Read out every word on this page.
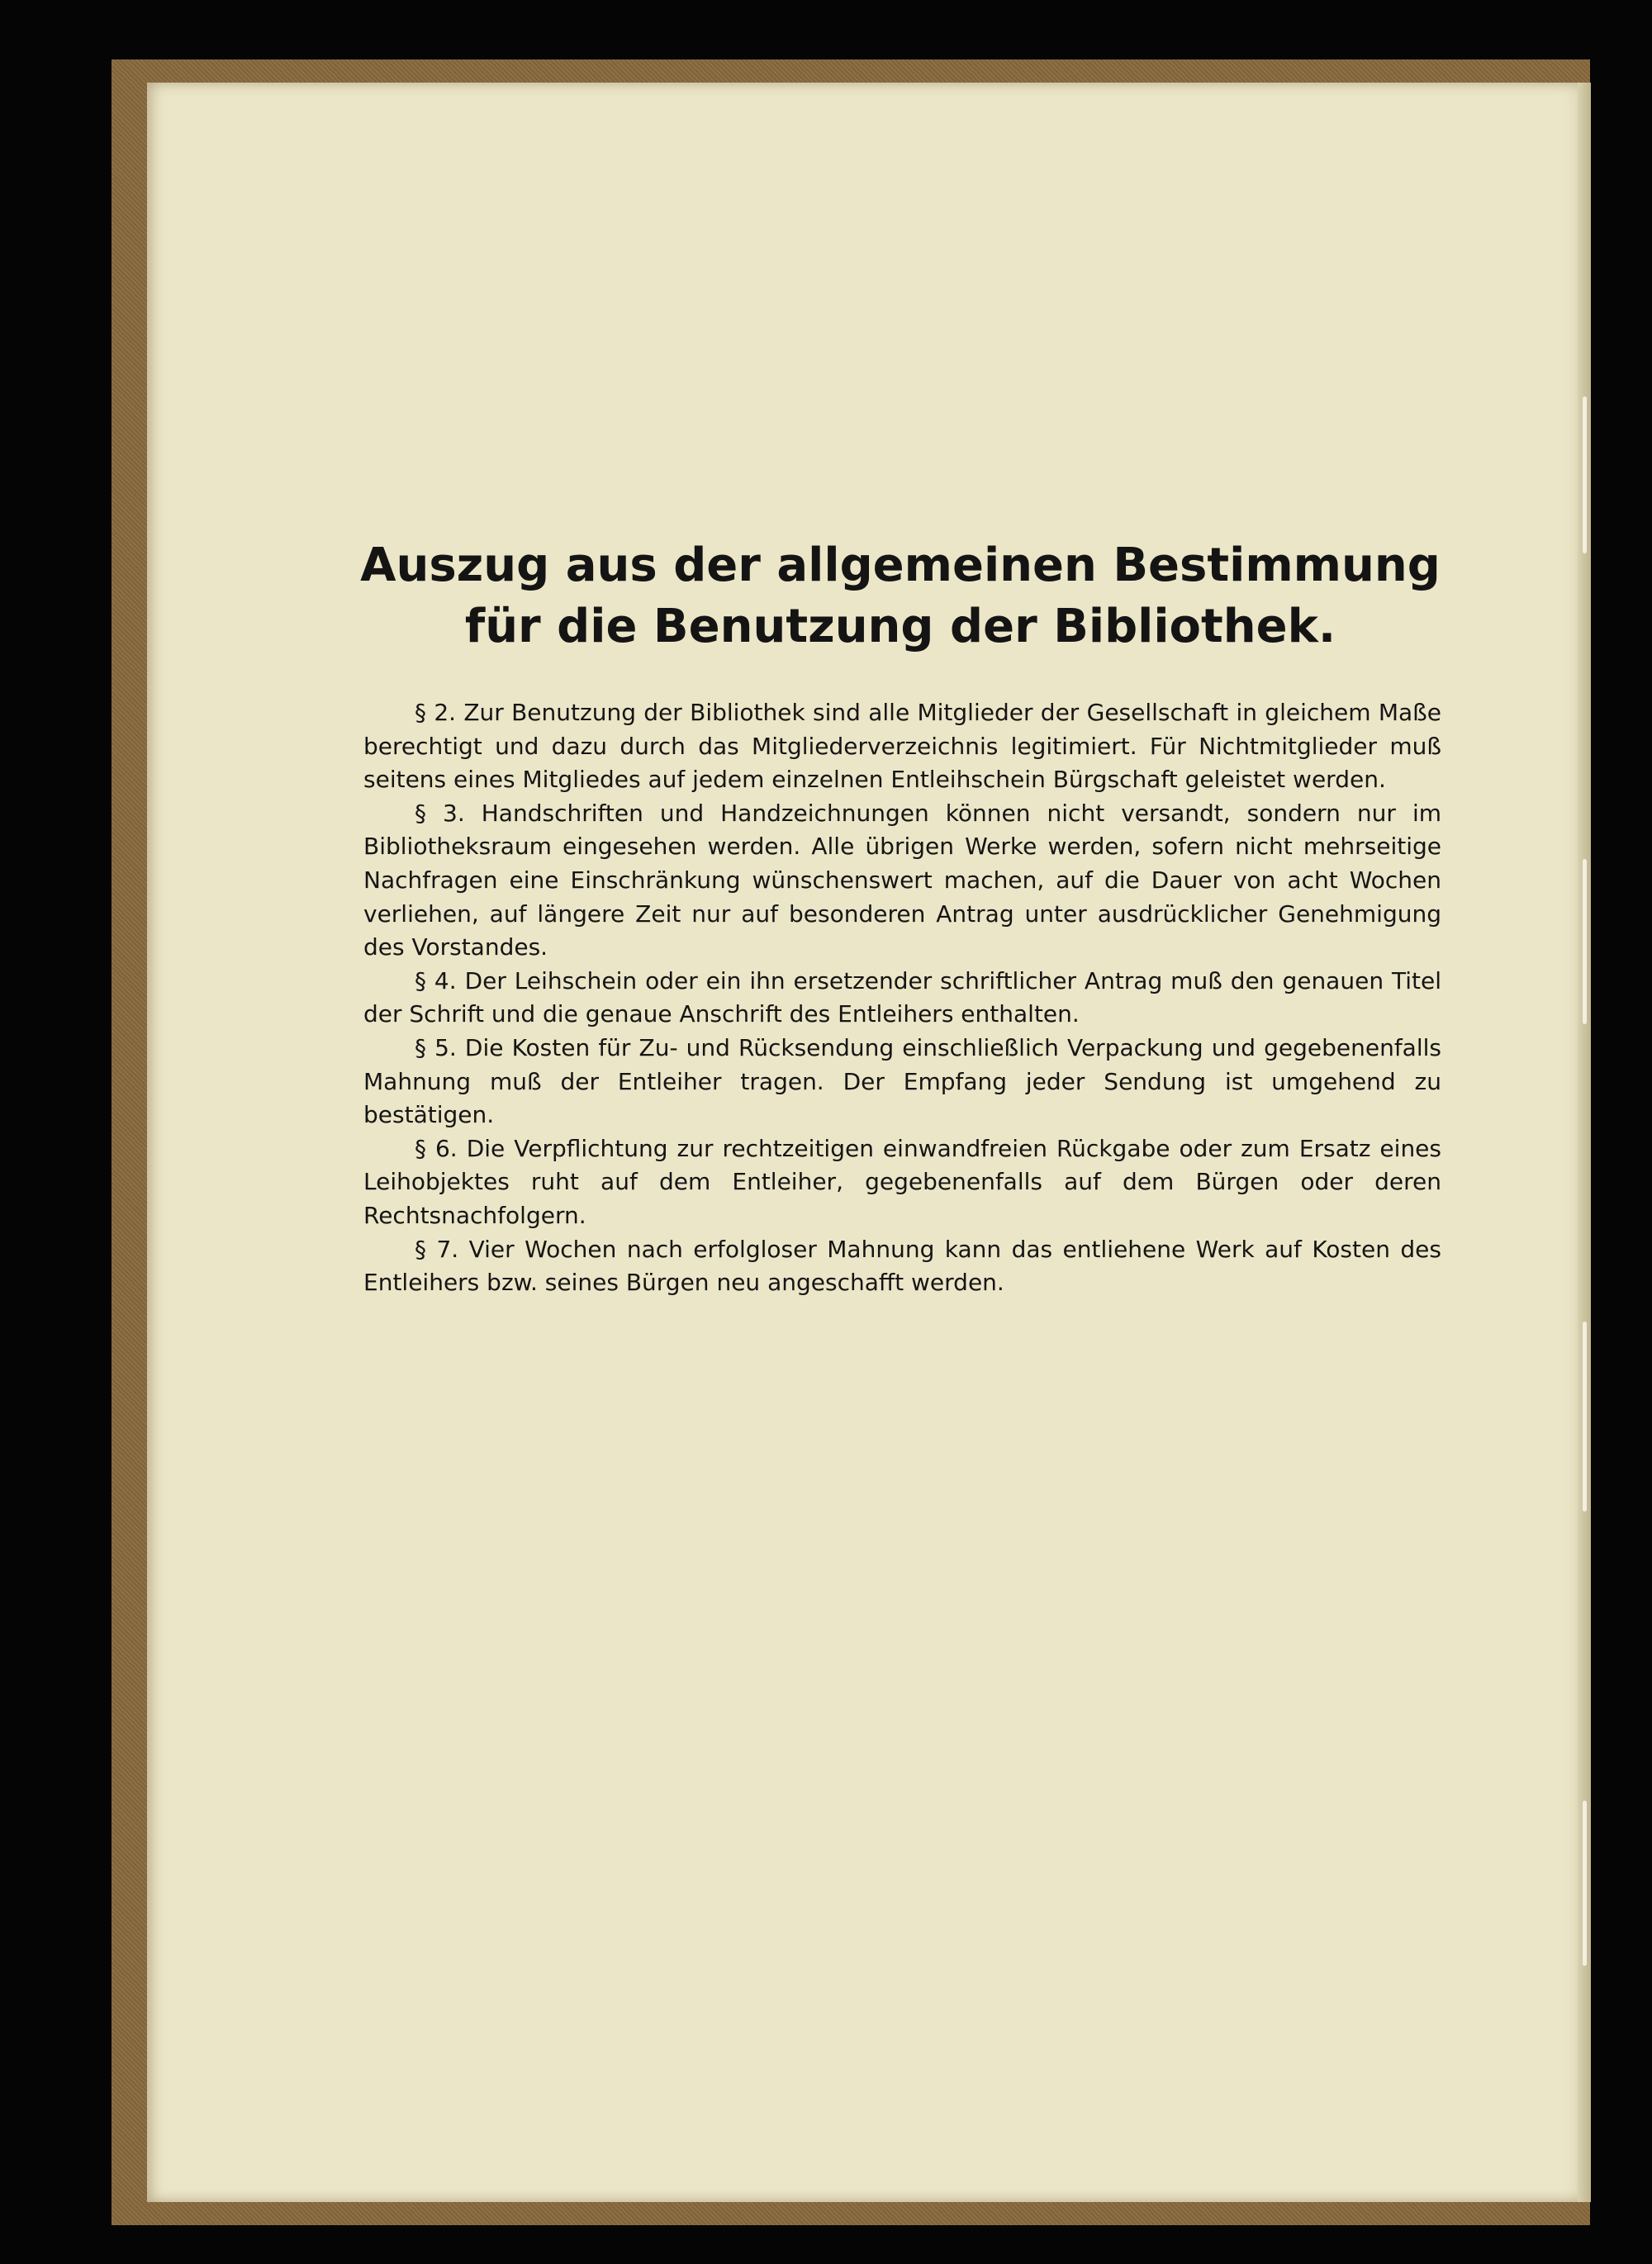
Auszug aus der allgemeinen Bestimmung
für die Benutzung der Bibliothek.

§ 2. Zur Benutzung der Bibliothek sind alle Mitglieder der Gesellschaft in gleichem Maße berechtigt und dazu durch das Mitgliederverzeichnis legitimiert. Für Nichtmitglieder muß seitens eines Mitgliedes auf jedem einzelnen Entleihschein Bürgschaft geleistet werden.

§ 3. Handschriften und Handzeichnungen können nicht versandt, sondern nur im Bibliotheksraum eingesehen werden. Alle übrigen Werke werden, sofern nicht mehrseitige Nachfragen eine Einschränkung wünschenswert machen, auf die Dauer von acht Wochen verliehen, auf längere Zeit nur auf besonderen Antrag unter ausdrücklicher Genehmigung des Vorstandes.

§ 4. Der Leihschein oder ein ihn ersetzender schriftlicher Antrag muß den genauen Titel der Schrift und die genaue Anschrift des Entleihers enthalten.

§ 5. Die Kosten für Zu- und Rücksendung einschließlich Verpackung und gegebenenfalls Mahnung muß der Entleiher tragen. Der Empfang jeder Sendung ist umgehend zu bestätigen.

§ 6. Die Verpflichtung zur rechtzeitigen einwandfreien Rückgabe oder zum Ersatz eines Leihobjektes ruht auf dem Entleiher, gegebenenfalls auf dem Bürgen oder deren Rechtsnachfolgern.

§ 7. Vier Wochen nach erfolgloser Mahnung kann das entliehene Werk auf Kosten des Entleihers bzw. seines Bürgen neu angeschafft werden.
